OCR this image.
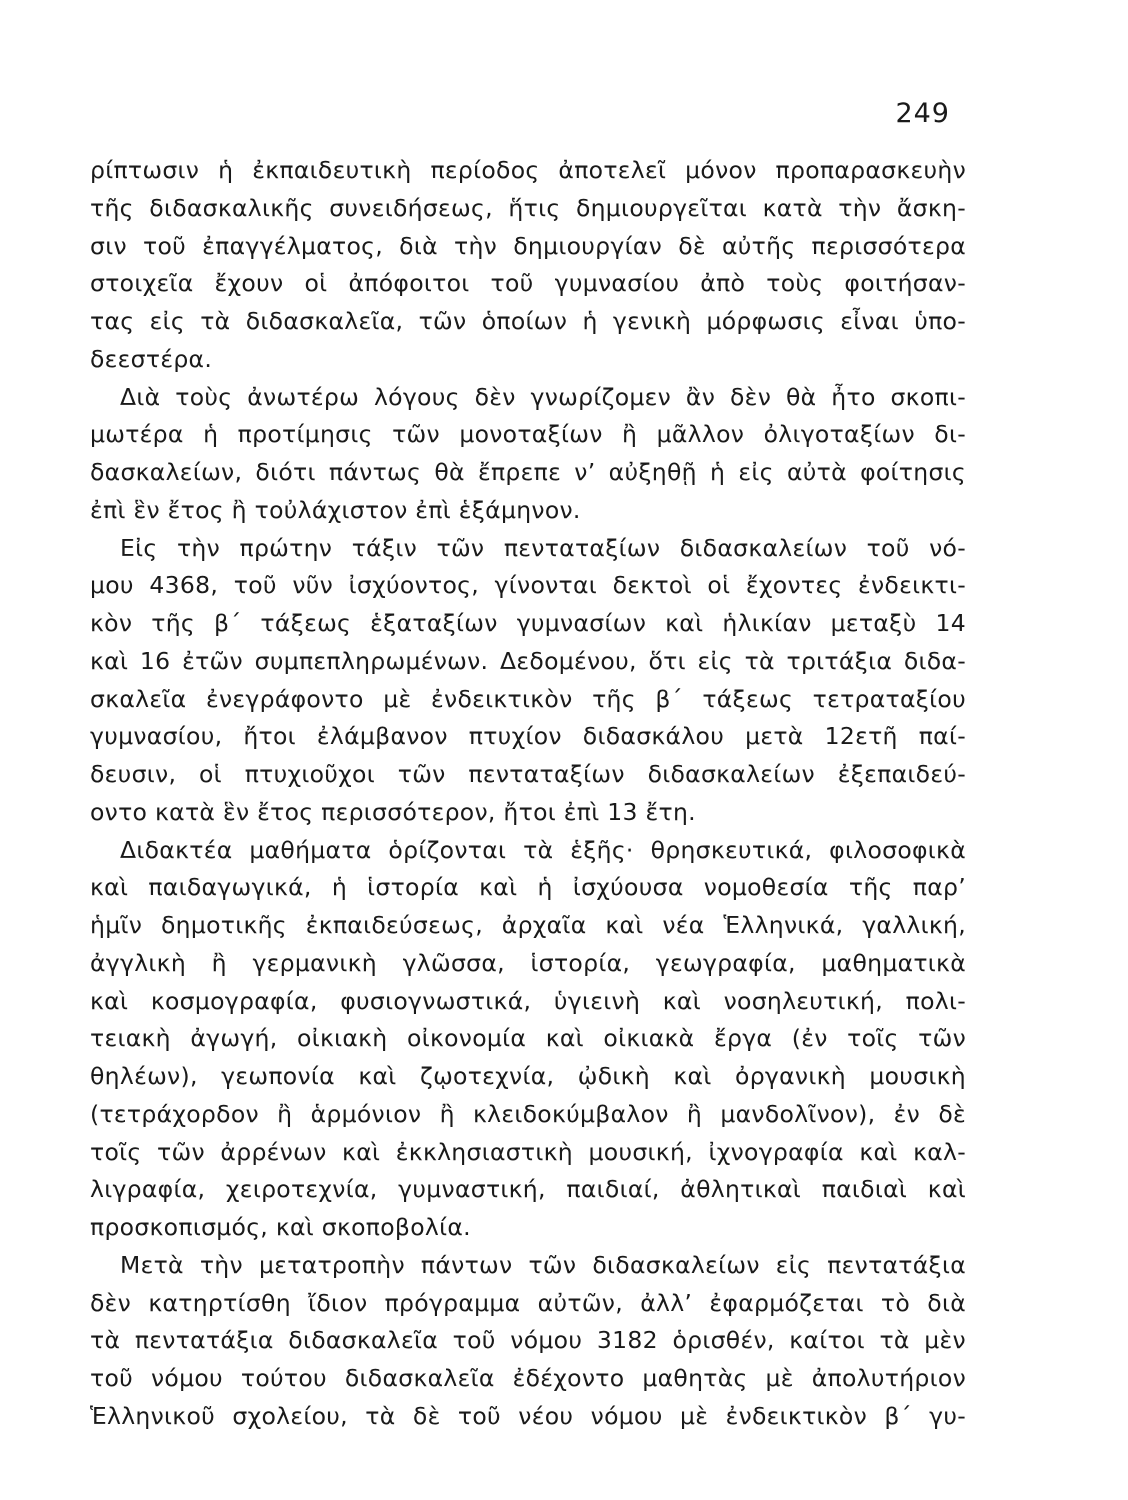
249
ρίπτωσιν ἡ ἐκπαιδευτικὴ περίοδος ἀποτελεῖ μόνον προπαρασκευὴν
τῆς διδασκαλικῆς συνειδήσεως, ἥτις δημιουργεῖται κατὰ τὴν ἄσκη-
σιν τοῦ ἐπαγγέλματος, διὰ τὴν δημιουργίαν δὲ αὐτῆς περισσότερα
στοιχεῖα ἔχουν οἱ ἀπόφοιτοι τοῦ γυμνασίου ἀπὸ τοὺς φοιτήσαν-
τας εἰς τὰ διδασκαλεῖα, τῶν ὁποίων ἡ γενικὴ μόρφωσις εἶναι ὑπο-
δεεστέρα.
Διὰ τοὺς ἀνωτέρω λόγους δὲν γνωρίζομεν ἂν δὲν θὰ ἦτο σκοπι-
μωτέρα ἡ προτίμησις τῶν μονοταξίων ἢ μᾶλλον ὀλιγοταξίων δι-
δασκαλείων, διότι πάντως θὰ ἔπρεπε ν’ αὐξηθῇ ἡ εἰς αὐτὰ φοίτησις
ἐπὶ ἓν ἔτος ἢ τοὐλάχιστον ἐπὶ ἑξάμηνον.
Εἰς τὴν πρώτην τάξιν τῶν πενταταξίων διδασκαλείων τοῦ νό-
μου 4368, τοῦ νῦν ἰσχύοντος, γίνονται δεκτοὶ οἱ ἔχοντες ἐνδεικτι-
κὸν τῆς β΄ τάξεως ἑξαταξίων γυμνασίων καὶ ἡλικίαν μεταξὺ 14
καὶ 16 ἐτῶν συμπεπληρωμένων. Δεδομένου, ὅτι εἰς τὰ τριτάξια διδα-
σκαλεῖα ἐνεγράφοντο μὲ ἐνδεικτικὸν τῆς β΄ τάξεως τετραταξίου
γυμνασίου, ἤτοι ἐλάμβανον πτυχίον διδασκάλου μετὰ 12ετῆ παί-
δευσιν, οἱ πτυχιοῦχοι τῶν πενταταξίων διδασκαλείων ἐξεπαιδεύ-
οντο κατὰ ἓν ἔτος περισσότερον, ἤτοι ἐπὶ 13 ἔτη.
Διδακτέα μαθήματα ὁρίζονται τὰ ἑξῆς· θρησκευτικά, φιλοσοφικὰ
καὶ παιδαγωγικά, ἡ ἱστορία καὶ ἡ ἰσχύουσα νομοθεσία τῆς παρ’
ἡμῖν δημοτικῆς ἐκπαιδεύσεως, ἀρχαῖα καὶ νέα Ἑλληνικά, γαλλική,
ἀγγλικὴ ἢ γερμανικὴ γλῶσσα, ἱστορία, γεωγραφία, μαθηματικὰ
καὶ κοσμογραφία, φυσιογνωστικά, ὑγιεινὴ καὶ νοσηλευτική, πολι-
τειακὴ ἀγωγή, οἰκιακὴ οἰκονομία καὶ οἰκιακὰ ἔργα (ἐν τοῖς τῶν
θηλέων), γεωπονία καὶ ζῳοτεχνία, ᾠδικὴ καὶ ὀργανικὴ μουσικὴ
(τετράχορδον ἢ ἁρμόνιον ἢ κλειδοκύμβαλον ἢ μανδολῖνον), ἐν δὲ
τοῖς τῶν ἀρρένων καὶ ἐκκλησιαστικὴ μουσική, ἰχνογραφία καὶ καλ-
λιγραφία, χειροτεχνία, γυμναστική, παιδιαί, ἀθλητικαὶ παιδιαὶ καὶ
προσκοπισμός, καὶ σκοποβολία.
Μετὰ τὴν μετατροπὴν πάντων τῶν διδασκαλείων εἰς πεντατάξια
δὲν κατηρτίσθη ἴδιον πρόγραμμα αὐτῶν, ἀλλ’ ἐφαρμόζεται τὸ διὰ
τὰ πεντατάξια διδασκαλεῖα τοῦ νόμου 3182 ὁρισθέν, καίτοι τὰ μὲν
τοῦ νόμου τούτου διδασκαλεῖα ἐδέχοντο μαθητὰς μὲ ἀπολυτήριον
Ἑλληνικοῦ σχολείου, τὰ δὲ τοῦ νέου νόμου μὲ ἐνδεικτικὸν β΄ γυ-
